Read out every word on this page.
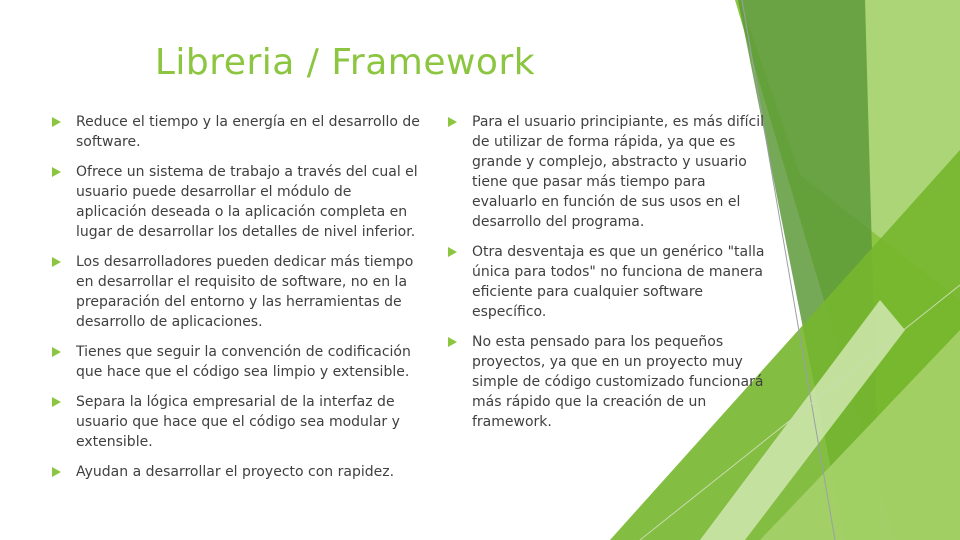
Libreria / Framework
Reduce el tiempo y la energía en el desarrollo de software.
Ofrece un sistema de trabajo a través del cual el usuario puede desarrollar el módulo de aplicación deseada o la aplicación completa en lugar de desarrollar los detalles de nivel inferior.
Los desarrolladores pueden dedicar más tiempo en desarrollar el requisito de software, no en la preparación del entorno y las herramientas de desarrollo de aplicaciones.
Tienes que seguir la convención de codificación que hace que el código sea limpio y extensible.
Separa la lógica empresarial de la interfaz de usuario que hace que el código sea modular y extensible.
Ayudan a desarrollar el proyecto con rapidez.
Para el usuario principiante, es más difícil de utilizar de forma rápida, ya que es grande y complejo, abstracto y usuario tiene que pasar más tiempo para evaluarlo en función de sus usos en el desarrollo del programa.
Otra desventaja es que un genérico "talla única para todos" no funciona de manera eficiente para cualquier software específico.
No esta pensado para los pequeños proyectos, ya que en un proyecto muy simple de código customizado funcionará más rápido que la creación de un framework.
